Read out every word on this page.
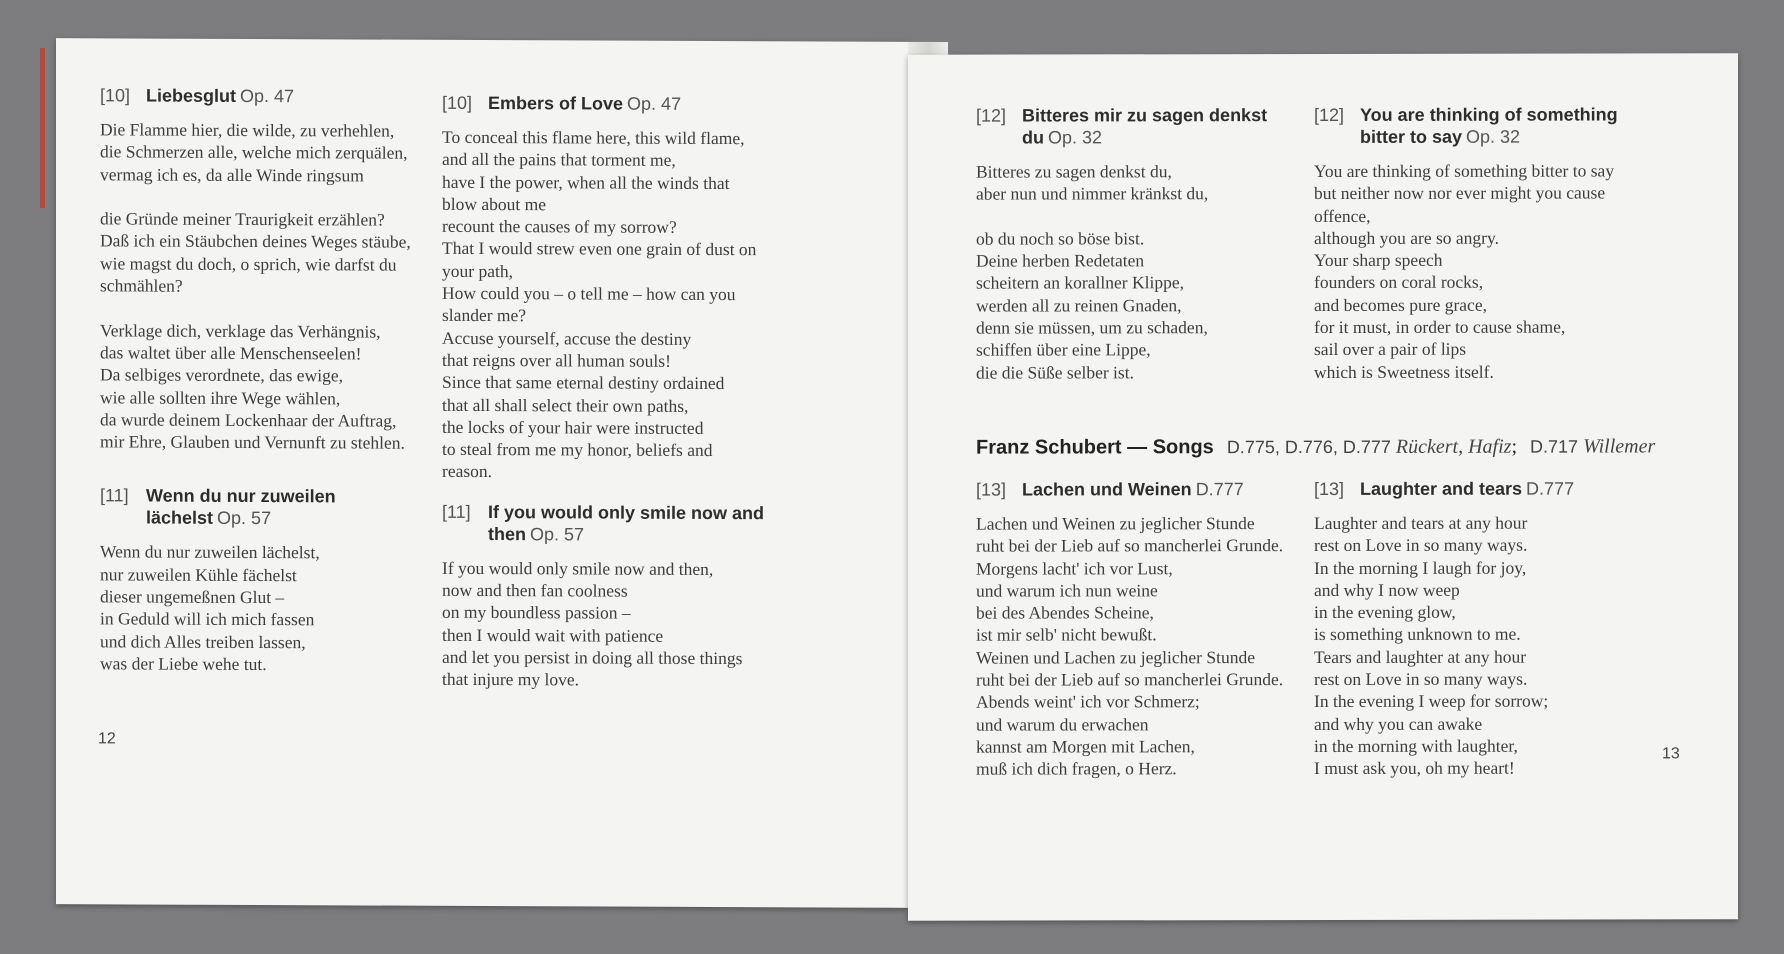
[10] Liebesglut Op. 47

Die Flamme hier, die wilde, zu verhehlen,
die Schmerzen alle, welche mich zerquälen,
vermag ich es, da alle Winde ringsum

die Gründe meiner Traurigkeit erzählen?
Daß ich ein Stäubchen deines Weges stäube,
wie magst du doch, o sprich, wie darfst du
schmählen?

Verklage dich, verklage das Verhängnis,
das waltet über alle Menschenseelen!
Da selbiges verordnete, das ewige,
wie alle sollten ihre Wege wählen,
da wurde deinem Lockenhaar der Auftrag,
mir Ehre, Glauben und Vernunft zu stehlen.

[11] Wenn du nur zuweilen lächelst Op. 57

Wenn du nur zuweilen lächelst,
nur zuweilen Kühle fächelst
dieser ungemeßnen Glut –
in Geduld will ich mich fassen
und dich Alles treiben lassen,
was der Liebe wehe tut.

[10] Embers of Love Op. 47

To conceal this flame here, this wild flame,
and all the pains that torment me,
have I the power, when all the winds that
blow about me
recount the causes of my sorrow?
That I would strew even one grain of dust on
your path,
How could you – o tell me – how can you
slander me?
Accuse yourself, accuse the destiny
that reigns over all human souls!
Since that same eternal destiny ordained
that all shall select their own paths,
the locks of your hair were instructed
to steal from me my honor, beliefs and
reason.

[11] If you would only smile now and then Op. 57

If you would only smile now and then,
now and then fan coolness
on my boundless passion –
then I would wait with patience
and let you persist in doing all those things
that injure my love.

12
[12] Bitteres mir zu sagen denkst du Op. 32

Bitteres zu sagen denkst du,
aber nun und nimmer kränkst du,

ob du noch so böse bist.
Deine herben Redetaten
scheitern an korallner Klippe,
werden all zu reinen Gnaden,
denn sie müssen, um zu schaden,
schiffen über eine Lippe,
die die Süße selber ist.

[12] You are thinking of something bitter to say Op. 32

You are thinking of something bitter to say
but neither now nor ever might you cause
offence,
although you are so angry.
Your sharp speech
founders on coral rocks,
and becomes pure grace,
for it must, in order to cause shame,
sail over a pair of lips
which is Sweetness itself.

Franz Schubert — Songs D.775, D.776, D.777 Rückert, Hafiz; D.717 Willemer
[13] Lachen und Weinen D.777

Lachen und Weinen zu jeglicher Stunde
ruht bei der Lieb auf so mancherlei Grunde.
Morgens lacht' ich vor Lust,
und warum ich nun weine
bei des Abendes Scheine,
ist mir selb' nicht bewußt.
Weinen und Lachen zu jeglicher Stunde
ruht bei der Lieb auf so mancherlei Grunde.
Abends weint' ich vor Schmerz;
und warum du erwachen
kannst am Morgen mit Lachen,
muß ich dich fragen, o Herz.

[13] Laughter and tears D.777

Laughter and tears at any hour
rest on Love in so many ways.
In the morning I laugh for joy,
and why I now weep
in the evening glow,
is something unknown to me.
Tears and laughter at any hour
rest on Love in so many ways.
In the evening I weep for sorrow;
and why you can awake
in the morning with laughter,
I must ask you, oh my heart!

13
